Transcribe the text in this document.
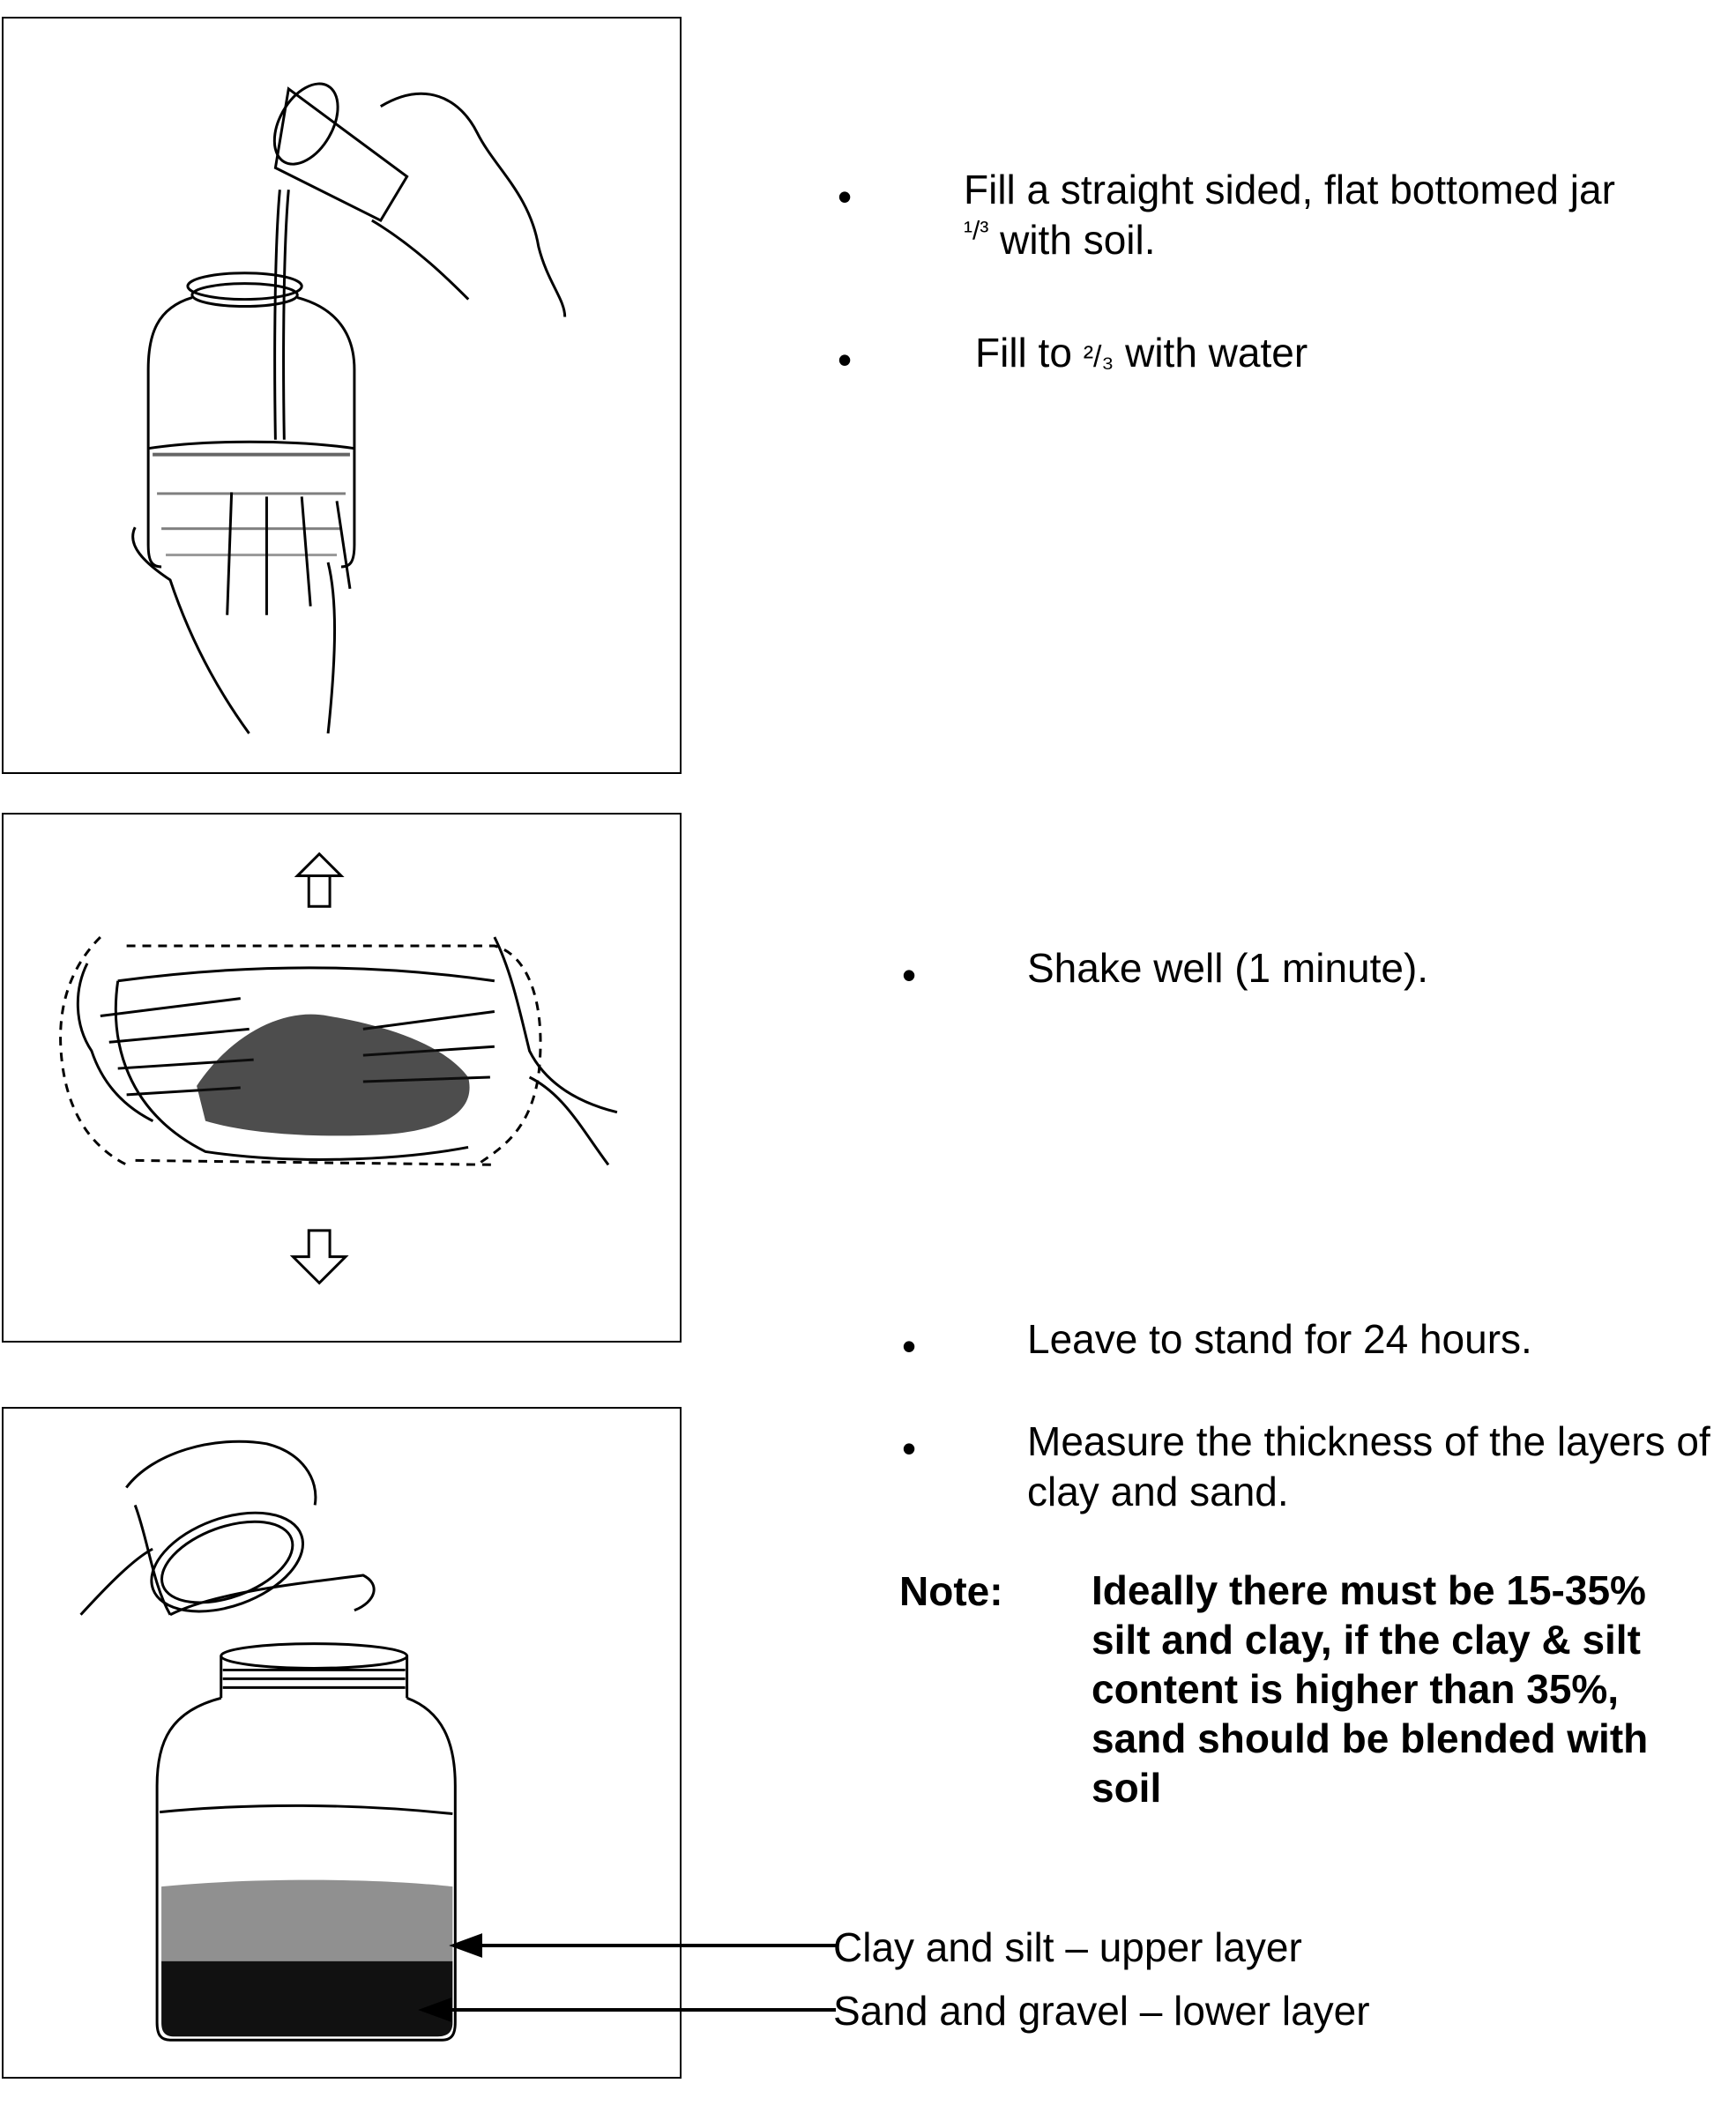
•	Fill a straight sided, flat bottomed jar
$^{^1/^3}$ with soil.
•	Fill to ²/₃ with water
•	Shake well (1 minute).
•	Leave to stand for 24 hours.
•	Measure the thickness of the layers of clay and sand.
Note: Ideally there must be 15-35% silt and clay, if the clay & silt content is higher than 35%, sand should be blended with soil
Clay and silt – upper layer
Sand and gravel – lower layer
